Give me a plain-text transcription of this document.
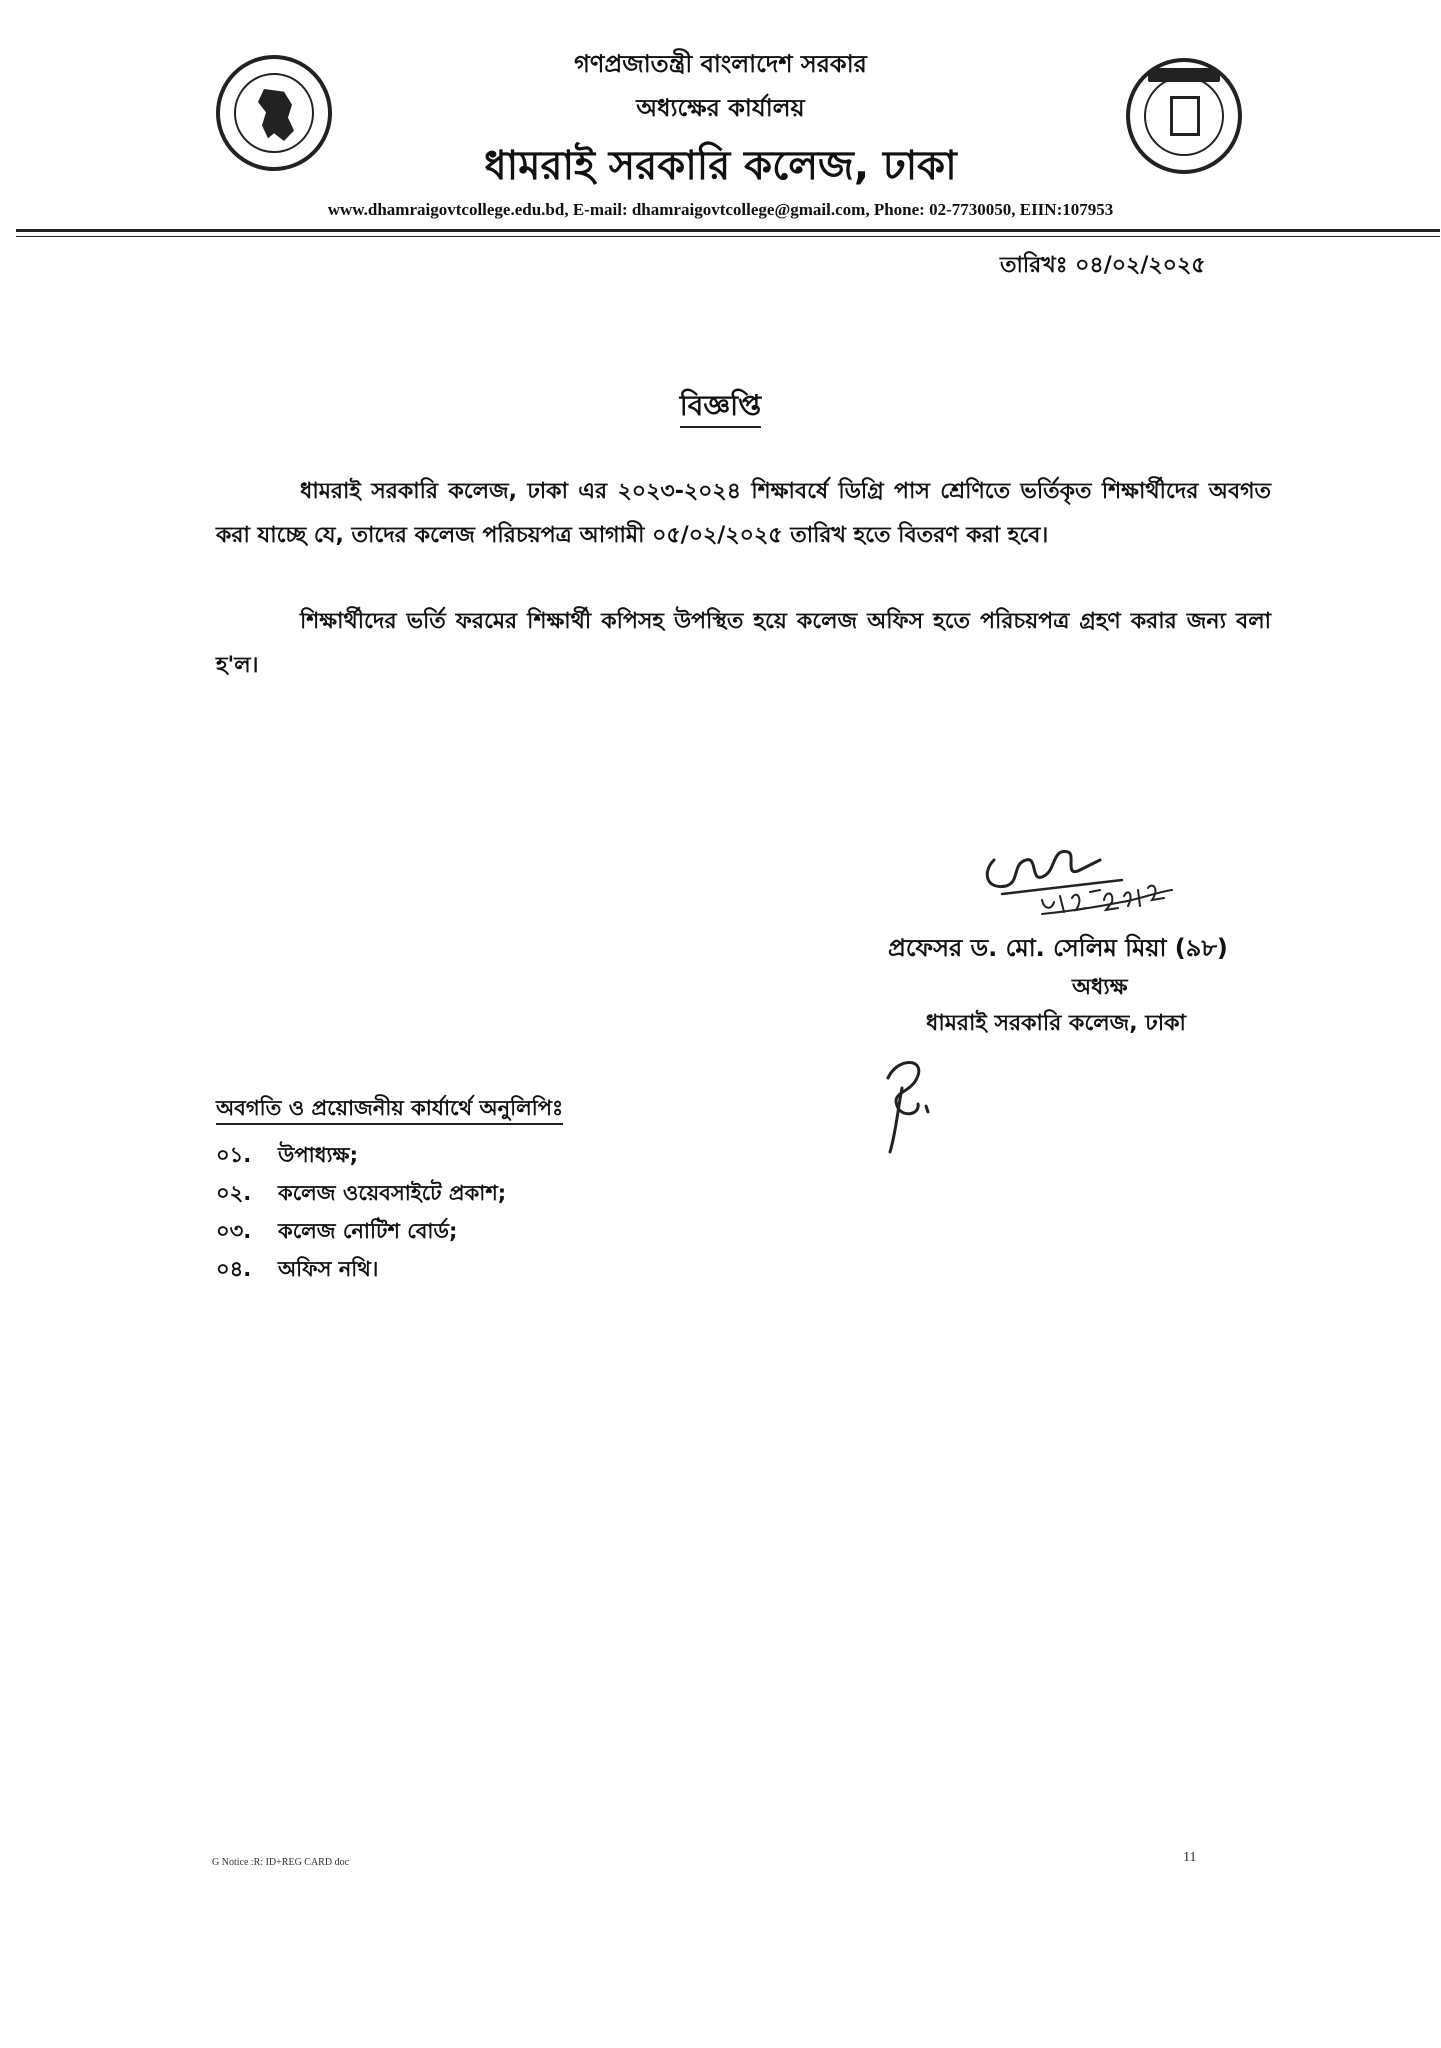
গণপ্রজাতন্ত্রী বাংলাদেশ সরকার
অধ্যক্ষের কার্যালয়
ধামরাই সরকারি কলেজ, ঢাকা
www.dhamraigovtcollege.edu.bd, E-mail: dhamraigovtcollege@gmail.com, Phone: 02-7730050, EIIN:107953
তারিখঃ ০৪/০২/২০২৫
বিজ্ঞপ্তি
ধামরাই সরকারি কলেজ, ঢাকা এর ২০২৩-২০২৪ শিক্ষাবর্ষে ডিগ্রি পাস শ্রেণিতে ভর্তিকৃত শিক্ষার্থীদের অবগত করা যাচ্ছে যে, তাদের কলেজ পরিচয়পত্র আগামী ০৫/০২/২০২৫ তারিখ হতে বিতরণ করা হবে।
শিক্ষার্থীদের ভর্তি ফরমের শিক্ষার্থী কপিসহ উপস্থিত হয়ে কলেজ অফিস হতে পরিচয়পত্র গ্রহণ করার জন্য বলা হ'ল।
প্রফেসর ড. মো. সেলিম মিয়া (৯৮)
অধ্যক্ষ
ধামরাই সরকারি কলেজ, ঢাকা
অবগতি ও প্রয়োজনীয় কার্যার্থে অনুলিপিঃ
০১. উপাধ্যক্ষ;
০২. কলেজ ওয়েবসাইটে প্রকাশ;
০৩. কলেজ নোটিশ বোর্ড;
০৪. অফিস নথি।
G Notice :R: ID+REG CARD doc	11
